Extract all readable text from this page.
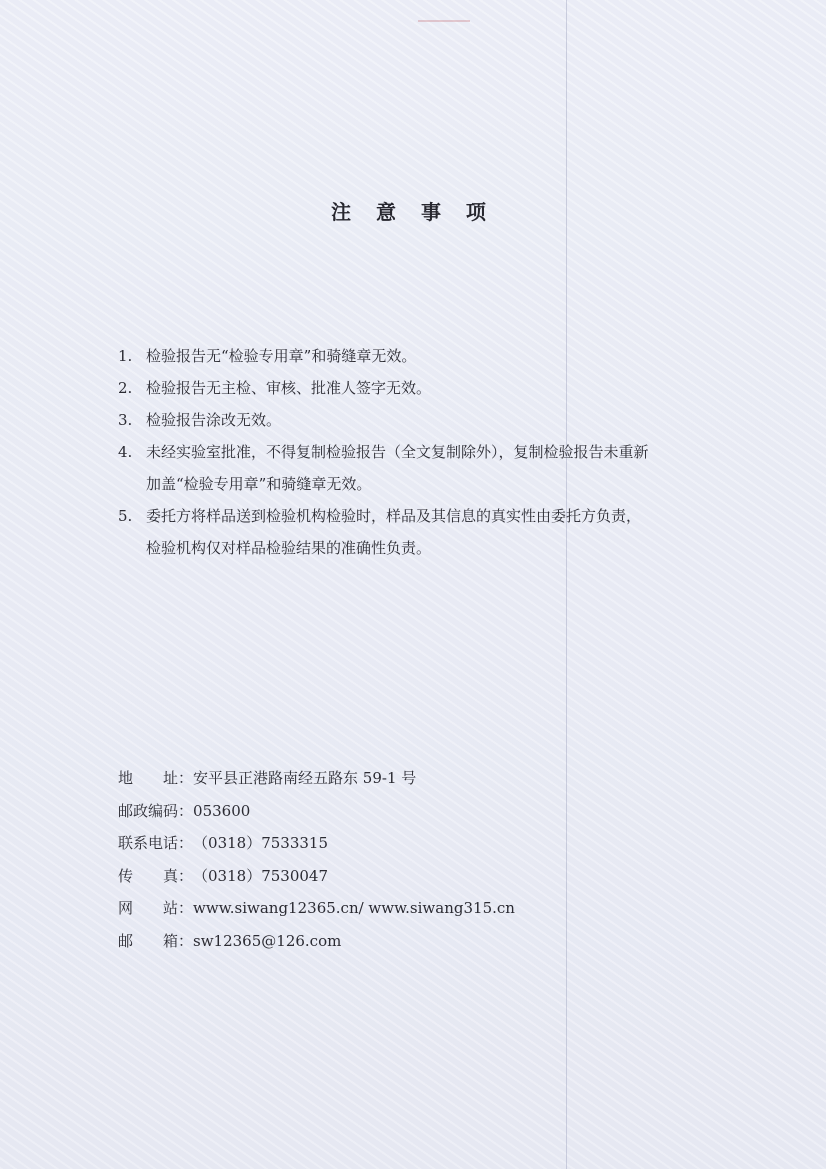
注 意 事 项
1. 检验报告无“检验专用章”和骑缝章无效。
2. 检验报告无主检、审核、批准人签字无效。
3. 检验报告涂改无效。
4. 未经实验室批准，不得复制检验报告（全文复制除外），复制检验报告未重新
加盖“检验专用章”和骑缝章无效。
5. 委托方将样品送到检验机构检验时，样品及其信息的真实性由委托方负责，
检验机构仅对样品检验结果的准确性负责。
地 址 ： 安平县正港路南经五路东 59-1 号
邮政编码 ： 053600
联系电话 ： （0318）7533315
传 真 ： （0318）7530047
网 站 ： www.siwang12365.cn/ www.siwang315.cn
邮 箱 ： sw12365@126.com
